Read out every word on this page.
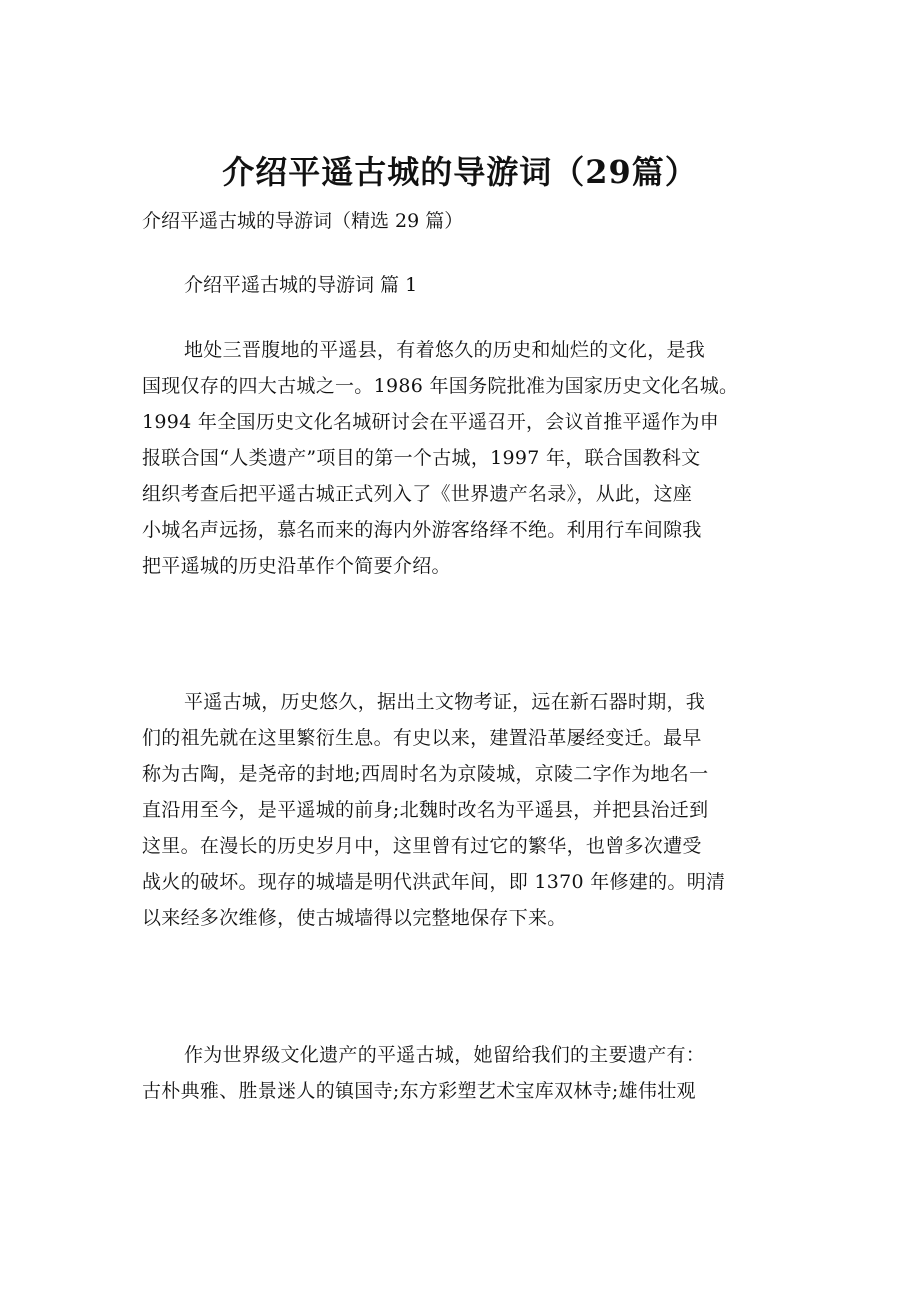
介绍平遥古城的导游词（29篇）
介绍平遥古城的导游词（精选 29 篇）
介绍平遥古城的导游词 篇 1
地处三晋腹地的平遥县，有着悠久的历史和灿烂的文化，是我
国现仅存的四大古城之一。1986 年国务院批准为国家历史文化名城。
1994 年全国历史文化名城研讨会在平遥召开，会议首推平遥作为申
报联合国“人类遗产”项目的第一个古城，1997 年，联合国教科文
组织考查后把平遥古城正式列入了《世界遗产名录》，从此，这座
小城名声远扬，慕名而来的海内外游客络绎不绝。利用行车间隙我
把平遥城的历史沿革作个简要介绍。
平遥古城，历史悠久，据出土文物考证，远在新石器时期，我
们的祖先就在这里繁衍生息。有史以来，建置沿革屡经变迁。最早
称为古陶，是尧帝的封地;西周时名为京陵城，京陵二字作为地名一
直沿用至今，是平遥城的前身;北魏时改名为平遥县，并把县治迁到
这里。在漫长的历史岁月中，这里曾有过它的繁华，也曾多次遭受
战火的破坏。现存的城墙是明代洪武年间，即 1370 年修建的。明清
以来经多次维修，使古城墙得以完整地保存下来。
作为世界级文化遗产的平遥古城，她留给我们的主要遗产有：
古朴典雅、胜景迷人的镇国寺;东方彩塑艺术宝库双林寺;雄伟壮观
